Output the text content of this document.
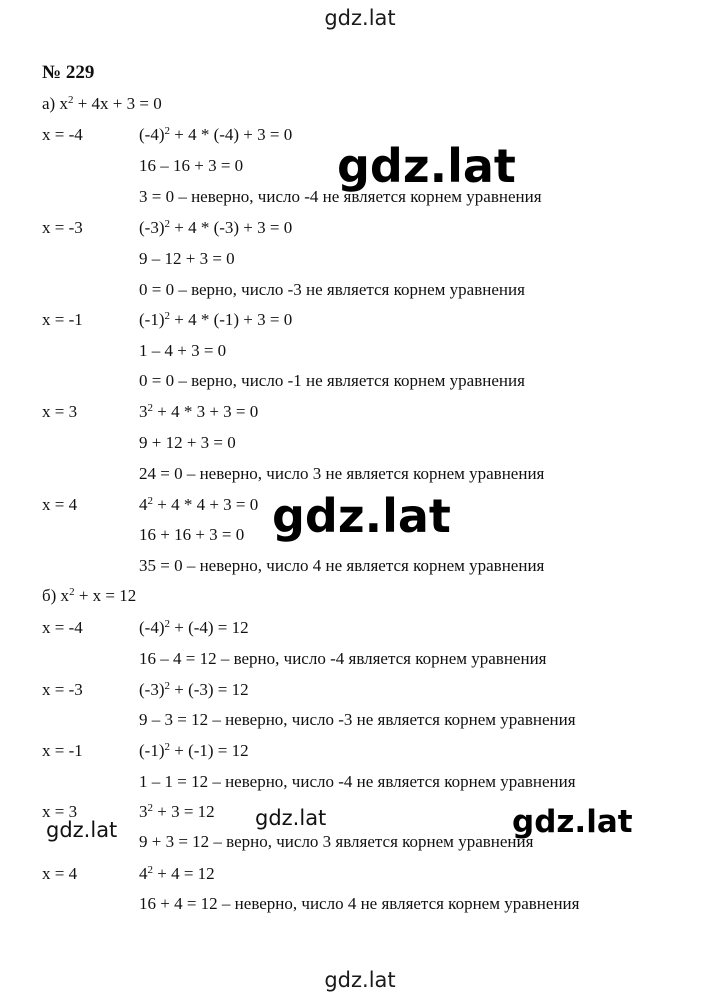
gdz.lat
№ 229
а) $x^2 + 4x + 3 = 0$
x = -4	$(-4)^2 + 4 * (-4) + 3 = 0$
16 – 16 + 3 = 0
3 = 0 – неверно, число -4 не является корнем уравнения
x = -3	$(-3)^2 + 4 * (-3) + 3 = 0$
9 – 12 + 3 = 0
0 = 0 – верно, число -3 не является корнем уравнения
x = -1	$(-1)^2 + 4 * (-1) + 3 = 0$
1 – 4 + 3 = 0
0 = 0 – верно, число -1 не является корнем уравнения
x = 3	$3^2 + 4 * 3 + 3 = 0$
9 + 12 + 3 = 0
24 = 0 – неверно, число 3 не является корнем уравнения
x = 4	$4^2 + 4 * 4 + 3 = 0$
16 + 16 + 3 = 0
35 = 0 – неверно, число 4 не является корнем уравнения
б) $x^2 + x = 12$
x = -4	$(-4)^2 + (-4) = 12$
16 – 4 = 12 – верно, число -4 является корнем уравнения
x = -3	$(-3)^2 + (-3) = 12$
9 – 3 = 12 – неверно, число -3 не является корнем уравнения
x = -1	$(-1)^2 + (-1) = 12$
1 – 1 = 12 – неверно, число -4 не является корнем уравнения
x = 3	$3^2 + 3 = 12$
9 + 3 = 12 – верно, число 3 является корнем уравнения
x = 4	$4^2 + 4 = 12$
16 + 4 = 12 – неверно, число 4 не является корнем уравнения
gdz.lat
gdz.lat
gdz.lat
gdz.lat	gdz.lat
gdz.lat
